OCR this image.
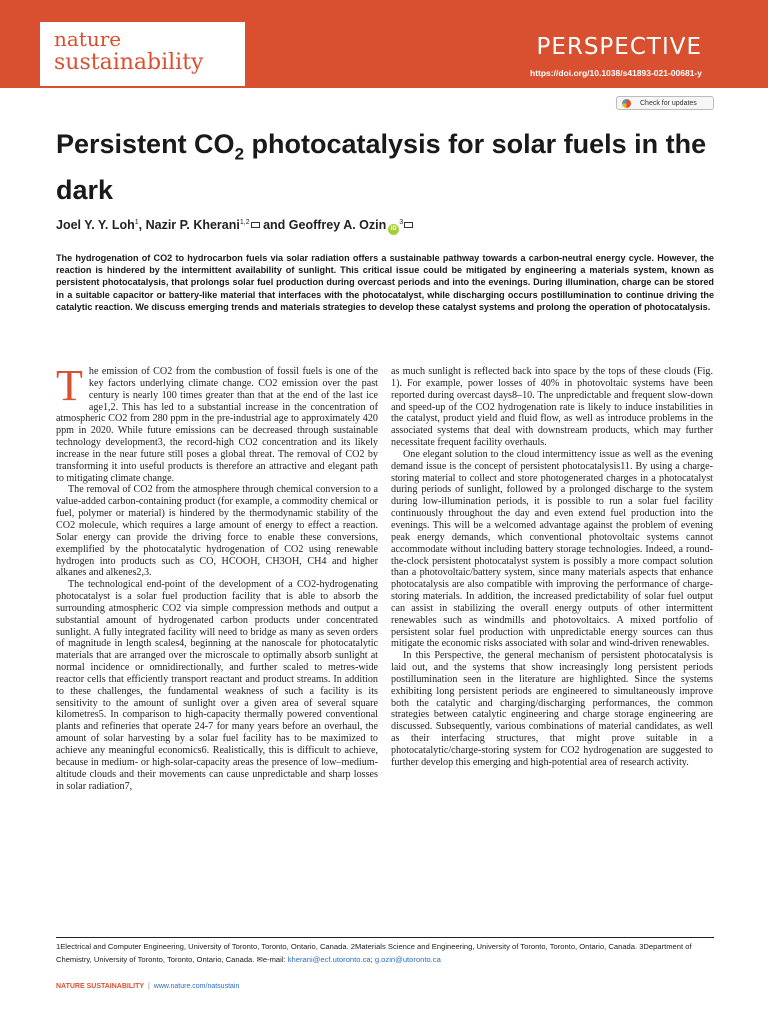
nature
sustainability
PERSPECTIVE
https://doi.org/10.1038/s41893-021-00681-y
Check for updates
Persistent $CO_2$ photocatalysis for solar fuels in the dark
Joel Y. Y. Loh$^1$, Nazir P. Kherani$^{1,2}$ and Geoffrey A. Ozin $iD^3$

The hydrogenation of CO2 to hydrocarbon fuels via solar radiation offers a sustainable pathway towards a carbon-neutral energy cycle. However, the reaction is hindered by the intermittent availability of sunlight. This critical issue could be mitigated by engineering a materials system, known as persistent photocatalysis, that prolongs solar fuel production during overcast periods and into the evenings. During illumination, charge can be stored in a suitable capacitor or battery-like material that interfaces with the photocatalyst, while discharging occurs postillumination to continue driving the catalytic reaction. We discuss emerging trends and materials strategies to develop these catalyst systems and prolong the operation of photocatalysis.

The emission of CO2 from the combustion of fossil fuels is one of the key factors underlying climate change. CO2 emission over the past century is nearly 100 times greater than that at the end of the last ice age1,2. This has led to a substantial increase in the concentration of atmospheric CO2 from 280 ppm in the pre-industrial age to approximately 420 ppm in 2020. While future emissions can be decreased through sustainable technology development3, the record-high CO2 concentration and its likely increase in the near future still poses a global threat. The removal of CO2 by transforming it into useful products is therefore an attractive and elegant path to mitigating climate change.

The removal of CO2 from the atmosphere through chemical conversion to a value-added carbon-containing product (for example, a commodity chemical or fuel, polymer or material) is hindered by the thermodynamic stability of the CO2 molecule, which requires a large amount of energy to effect a reaction. Solar energy can provide the driving force to enable these conversions, exemplified by the photocatalytic hydrogenation of CO2 using renewable hydrogen into products such as CO, HCOOH, CH3OH, CH4 and higher alkanes and alkenes2,3.

The technological end-point of the development of a CO2-hydrogenating photocatalyst is a solar fuel production facility that is able to absorb the surrounding atmospheric CO2 via simple compression methods and output a substantial amount of hydrogenated carbon products under concentrated sunlight. A fully integrated facility will need to bridge as many as seven orders of magnitude in length scales4, beginning at the nanoscale for photocatalytic materials that are arranged over the microscale to optimally absorb sunlight at normal incidence or omnidirectionally, and further scaled to metres-wide reactor cells that efficiently transport reactant and product streams. In addition to these challenges, the fundamental weakness of such a facility is its sensitivity to the amount of sunlight over a given area of several square kilometres5. In comparison to high-capacity thermally powered conventional plants and refineries that operate 24-7 for many years before an overhaul, the amount of solar harvesting by a solar fuel facility has to be maximized to achieve any meaningful economics6. Realistically, this is difficult to achieve, because in medium- or high-solar-capacity areas the presence of low–medium-altitude clouds and their movements can cause unpredictable and sharp losses in solar radiation7,

as much sunlight is reflected back into space by the tops of these clouds (Fig. 1). For example, power losses of 40% in photovoltaic systems have been reported during overcast days8–10. The unpredictable and frequent slow-down and speed-up of the CO2 hydrogenation rate is likely to induce instabilities in the catalyst, product yield and fluid flow, as well as introduce problems in the associated systems that deal with downstream products, which may further necessitate frequent facility overhauls.

One elegant solution to the cloud intermittency issue as well as the evening demand issue is the concept of persistent photocatalysis11. By using a charge-storing material to collect and store photogenerated charges in a photocatalyst during periods of sunlight, followed by a prolonged discharge to the system during low-illumination periods, it is possible to run a solar fuel facility continuously throughout the day and even extend fuel production into the evenings. This will be a welcomed advantage against the problem of evening peak energy demands, which conventional photovoltaic systems cannot accommodate without including battery storage technologies. Indeed, a round-the-clock persistent photocatalyst system is possibly a more compact solution than a photovoltaic/battery system, since many materials aspects that enhance photocatalysis are also compatible with improving the performance of charge-storing materials. In addition, the increased predictability of solar fuel output can assist in stabilizing the overall energy outputs of other intermittent renewables such as windmills and photovoltaics. A mixed portfolio of persistent solar fuel production with unpredictable energy sources can thus mitigate the economic risks associated with solar and wind-driven renewables.

In this Perspective, the general mechanism of persistent photocatalysis is laid out, and the systems that show increasingly long persistent periods postillumination seen in the literature are highlighted. Since the systems exhibiting long persistent periods are engineered to simultaneously improve both the catalytic and charging/discharging performances, the common strategies between catalytic engineering and charge storage engineering are discussed. Subsequently, various combinations of material candidates, as well as their interfacing structures, that might prove suitable in a photocatalytic/charge-storing system for CO2 hydrogenation are suggested to further develop this emerging and high-potential area of research activity.

1Electrical and Computer Engineering, University of Toronto, Toronto, Ontario, Canada. 2Materials Science and Engineering, University of Toronto, Toronto, Ontario, Canada. 3Department of Chemistry, University of Toronto, Toronto, Ontario, Canada. ✉e-mail: kherani@ecf.utoronto.ca; g.ozin@utoronto.ca
NATURE SUSTAINABILITY | www.nature.com/natsustain
